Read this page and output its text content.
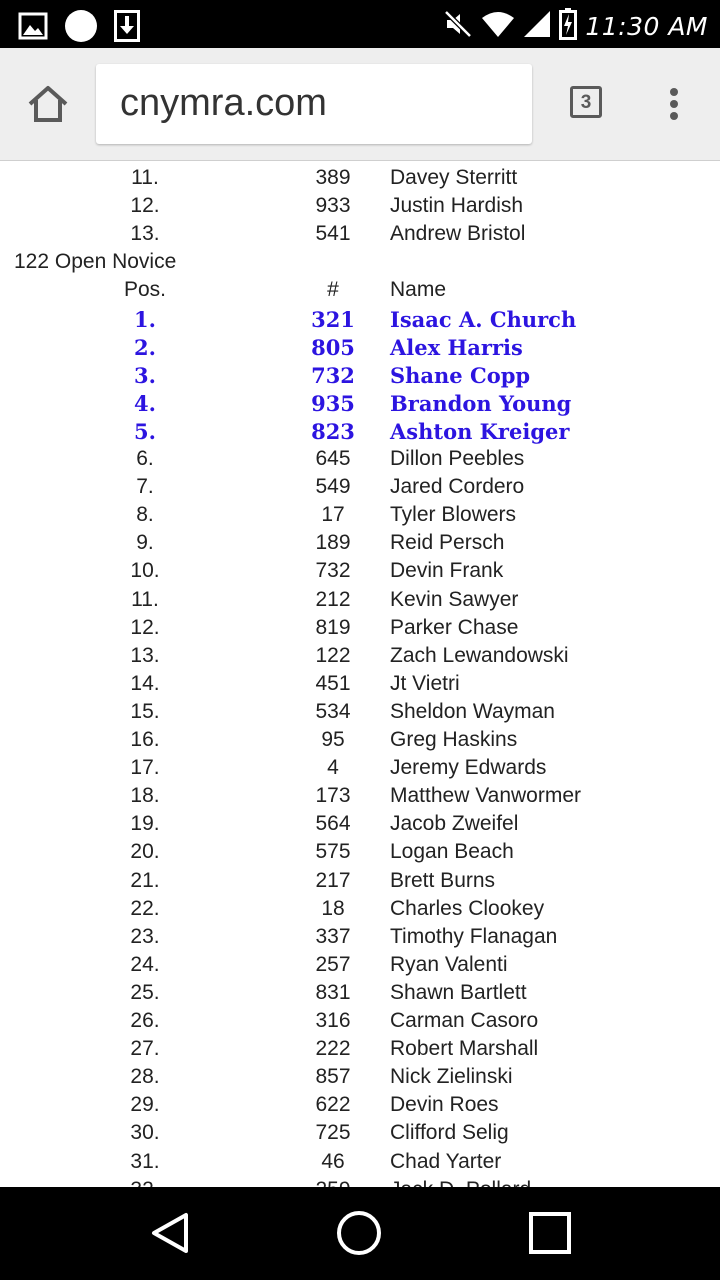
11:30 AM
cnymra.com	3
11.	389	Davey Sterritt
12.	933	Justin Hardish
13.	541	Andrew Bristol
122 Open Novice
Pos.	#	Name
1.	321	Isaac A. Church
2.	805	Alex Harris
3.	732	Shane Copp
4.	935	Brandon Young
5.	823	Ashton Kreiger
6.	645	Dillon Peebles
7.	549	Jared Cordero
8.	17	Tyler Blowers
9.	189	Reid Persch
10.	732	Devin Frank
11.	212	Kevin Sawyer
12.	819	Parker Chase
13.	122	Zach Lewandowski
14.	451	Jt Vietri
15.	534	Sheldon Wayman
16.	95	Greg Haskins
17.	4	Jeremy Edwards
18.	173	Matthew Vanwormer
19.	564	Jacob Zweifel
20.	575	Logan Beach
21.	217	Brett Burns
22.	18	Charles Clookey
23.	337	Timothy Flanagan
24.	257	Ryan Valenti
25.	831	Shawn Bartlett
26.	316	Carman Casoro
27.	222	Robert Marshall
28.	857	Nick Zielinski
29.	622	Devin Roes
30.	725	Clifford Selig
31.	46	Chad Yarter
